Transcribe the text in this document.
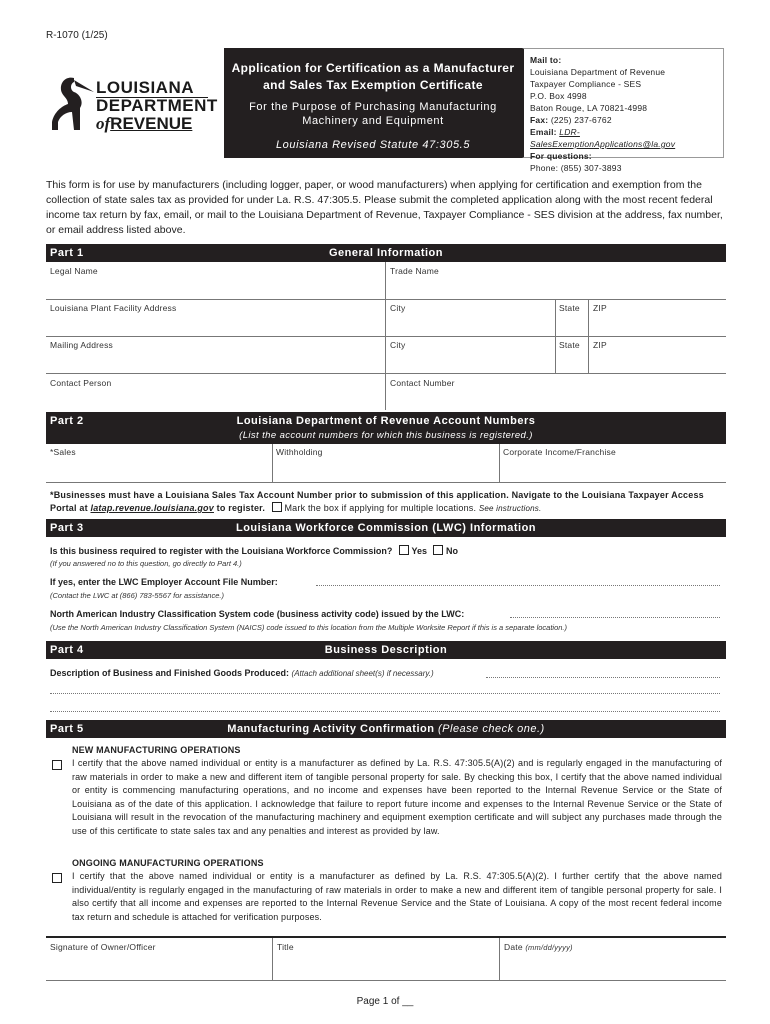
R-1070 (1/25)
LOUISIANA
DEPARTMENT
ofREVENUE
Application for Certification as a Manufacturer
and Sales Tax Exemption Certificate
For the Purpose of Purchasing Manufacturing
Machinery and Equipment
Louisiana Revised Statute 47:305.5
Mail to:
Louisiana Department of Revenue
Taxpayer Compliance - SES
P.O. Box 4998
Baton Rouge, LA 70821-4998
Fax: (225) 237-6762
Email: LDR-SalesExemptionApplications@la.gov
For questions:
Phone: (855) 307-3893
This form is for use by manufacturers (including logger, paper, or wood manufacturers) when applying for certification and exemption from the collection of state sales tax as provided for under La. R.S. 47:305.5. Please submit the completed application along with the most recent federal income tax return by fax, email, or mail to the Louisiana Department of Revenue, Taxpayer Compliance - SES division at the address, fax number, or email address listed above.
Part 1	General Information
Legal Name	Trade Name
Louisiana Plant Facility Address	City	State ZIP
Mailing Address	City	State ZIP
Contact Person	Contact Number
Part 2	Louisiana Department of Revenue Account Numbers
(List the account numbers for which this business is registered.)
*Sales	Withholding	Corporate Income/Franchise
*Businesses must have a Louisiana Sales Tax Account Number prior to submission of this application. Navigate to the Louisiana Taxpayer Access Portal at latap.revenue.louisiana.gov to register. Mark the box if applying for multiple locations. See instructions.
Part 3	Louisiana Workforce Commission (LWC) Information
Is this business required to register with the Louisiana Workforce Commission? Yes No
(If you answered no to this question, go directly to Part 4.)
If yes, enter the LWC Employer Account File Number:
(Contact the LWC at (866) 783-5567 for assistance.)
North American Industry Classification System code (business activity code) issued by the LWC:
(Use the North American Industry Classification System (NAICS) code issued to this location from the Multiple Worksite Report if this is a separate location.)
Part 4	Business Description
Description of Business and Finished Goods Produced: (Attach additional sheet(s) if necessary.)
Part 5	Manufacturing Activity Confirmation (Please check one.)
NEW MANUFACTURING OPERATIONS
I certify that the above named individual or entity is a manufacturer as defined by La. R.S. 47:305.5(A)(2) and is regularly engaged in the manufacturing of raw materials in order to make a new and different item of tangible personal property for sale. By checking this box, I certify that the above named individual or entity is commencing manufacturing operations, and no income and expenses have been reported to the Internal Revenue Service or the State of Louisiana as of the date of this application. I acknowledge that failure to report future income and expenses to the Internal Revenue Service or the State of Louisiana will result in the revocation of the manufacturing machinery and equipment exemption certificate and will subject any purchases made through the use of this certificate to state sales tax and any penalties and interest as provided by law.
ONGOING MANUFACTURING OPERATIONS
I certify that the above named individual or entity is a manufacturer as defined by La. R.S. 47:305.5(A)(2). I further certify that the above named individual/entity is regularly engaged in the manufacturing of raw materials in order to make a new and different item of tangible personal property for sale. I also certify that all income and expenses are reported to the Internal Revenue Service and the State of Louisiana. A copy of the most recent federal income tax return and schedule is attached for verification purposes.
Signature of Owner/Officer	Title	Date (mm/dd/yyyy)
Page 1 of __
